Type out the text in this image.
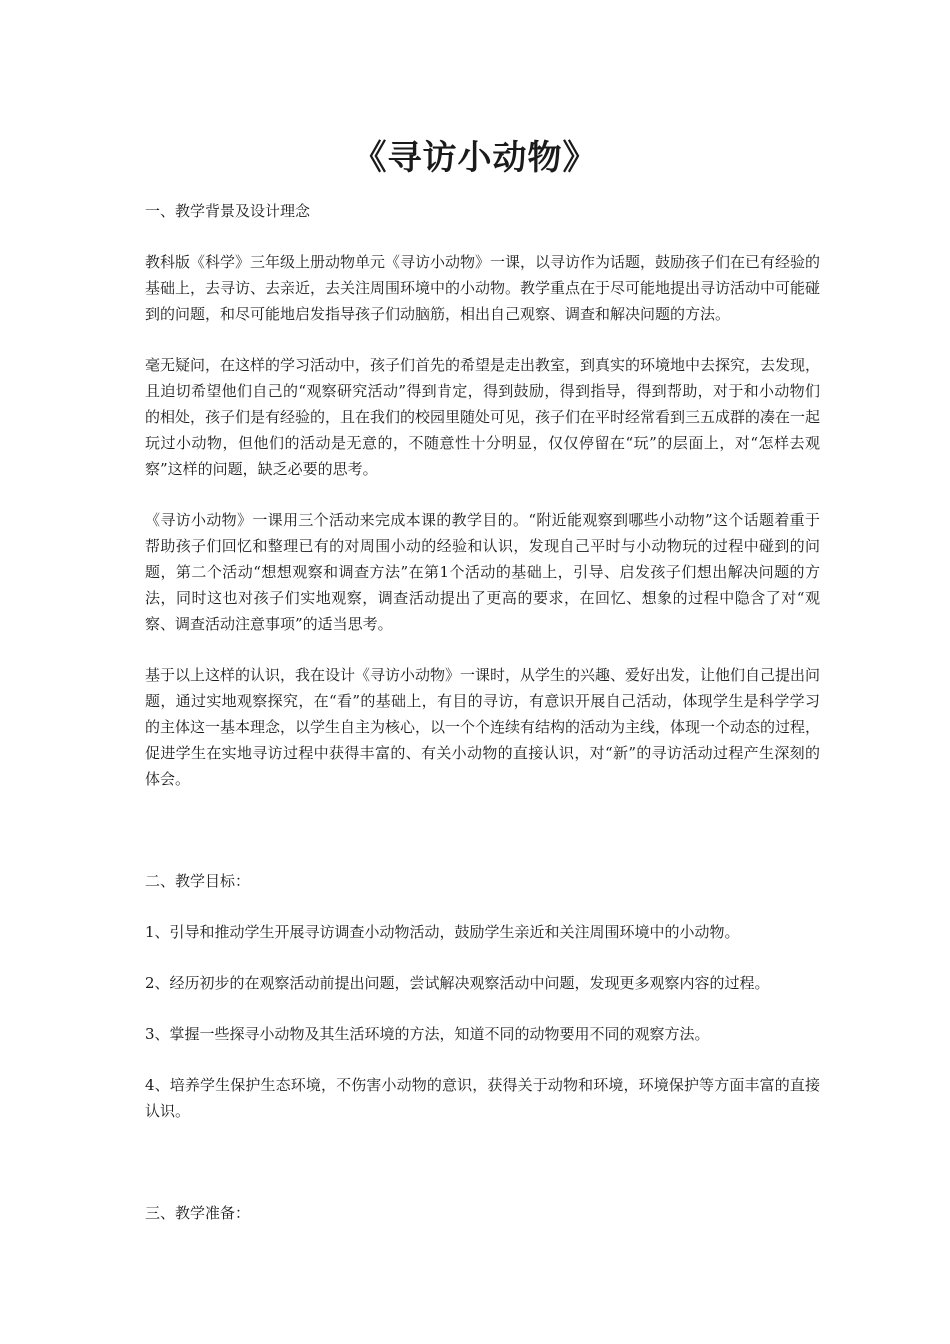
《寻访小动物》

一、教学背景及设计理念

教科版《科学》三年级上册动物单元《寻访小动物》一课，以寻访作为话题，鼓励孩子们在已有经验的基础上，去寻访、去亲近，去关注周围环境中的小动物。教学重点在于尽可能地提出寻访活动中可能碰到的问题，和尽可能地启发指导孩子们动脑筋，相出自己观察、调查和解决问题的方法。

毫无疑问，在这样的学习活动中，孩子们首先的希望是走出教室，到真实的环境地中去探究，去发现，且迫切希望他们自己的“观察研究活动”得到肯定，得到鼓励，得到指导，得到帮助，对于和小动物们的相处，孩子们是有经验的，且在我们的校园里随处可见，孩子们在平时经常看到三五成群的凑在一起玩过小动物，但他们的活动是无意的，不随意性十分明显，仅仅停留在“玩”的层面上，对“怎样去观察”这样的问题，缺乏必要的思考。

《寻访小动物》一课用三个活动来完成本课的教学目的。“附近能观察到哪些小动物”这个话题着重于帮助孩子们回忆和整理已有的对周围小动的经验和认识，发现自己平时与小动物玩的过程中碰到的问题，第二个活动“想想观察和调查方法”在第1个活动的基础上，引导、启发孩子们想出解决问题的方法，同时这也对孩子们实地观察，调查活动提出了更高的要求，在回忆、想象的过程中隐含了对“观察、调查活动注意事项”的适当思考。

基于以上这样的认识，我在设计《寻访小动物》一课时，从学生的兴趣、爱好出发，让他们自己提出问题，通过实地观察探究，在“看”的基础上，有目的寻访，有意识开展自己活动，体现学生是科学学习的主体这一基本理念，以学生自主为核心，以一个个连续有结构的活动为主线，体现一个动态的过程，促进学生在实地寻访过程中获得丰富的、有关小动物的直接认识，对“新”的寻访活动过程产生深刻的体会。

二、教学目标：

1、引导和推动学生开展寻访调查小动物活动，鼓励学生亲近和关注周围环境中的小动物。

2、经历初步的在观察活动前提出问题，尝试解决观察活动中问题，发现更多观察内容的过程。

3、掌握一些探寻小动物及其生活环境的方法，知道不同的动物要用不同的观察方法。

4、培养学生保护生态环境，不伤害小动物的意识，获得关于动物和环境，环境保护等方面丰富的直接认识。

三、教学准备：
